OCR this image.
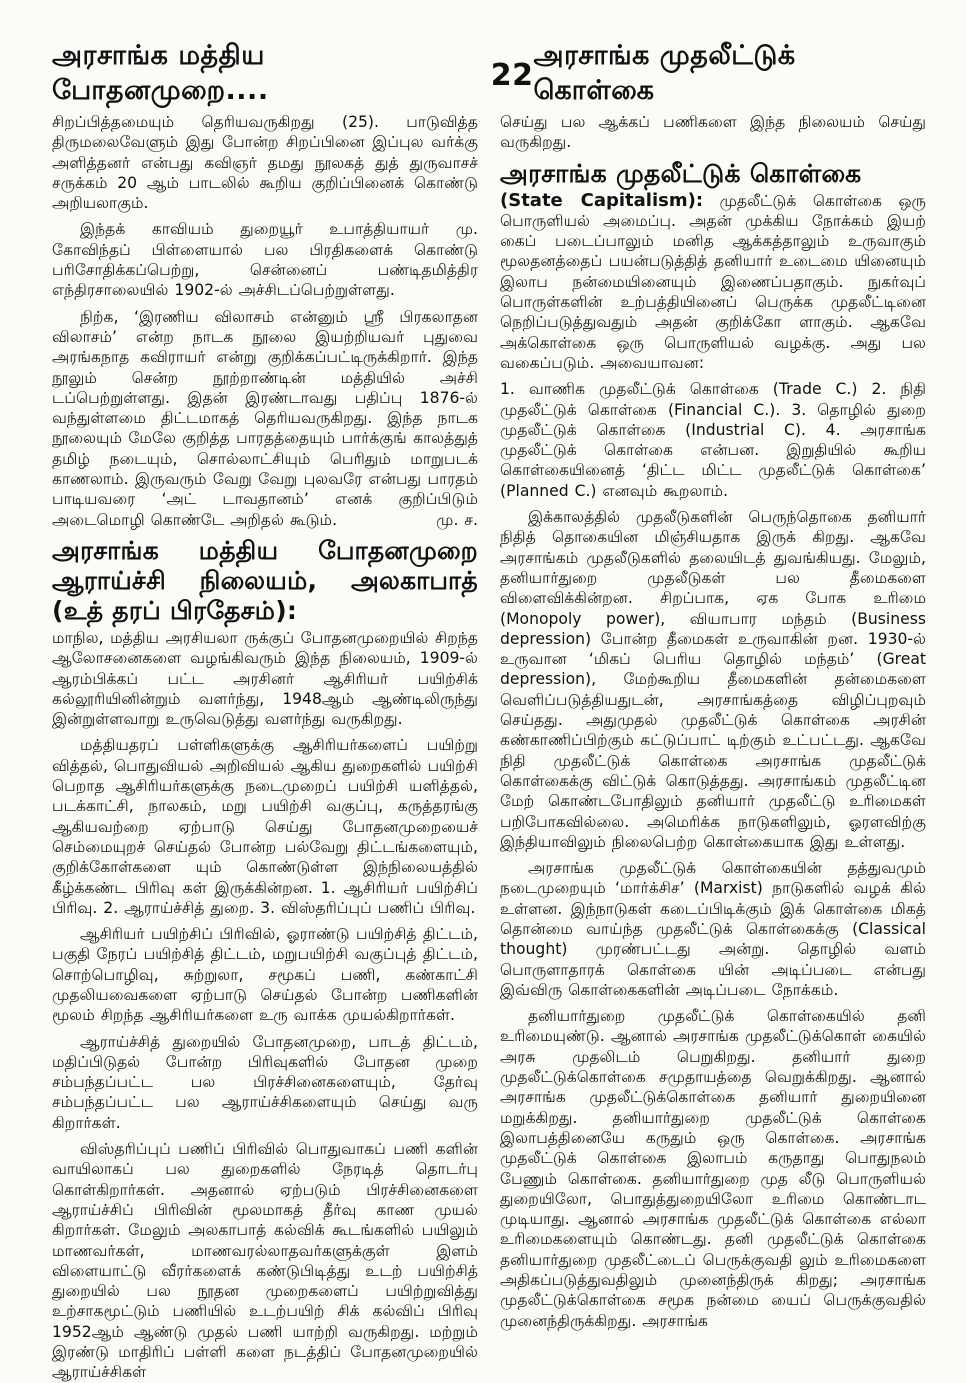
அரசாங்க மத்திய போதனமுறை....	22
அரசாங்க முதலீட்டுக் கொள்கை

சிறப்பித்தமையும் தெரியவருகிறது (25). பாடுவித்த திருமலைவேளும் இது போன்ற சிறப்பினை இப்புல வர்க்கு அளித்தனர் என்பது கவிஞர் தமது நூலகத் துத் துருவாசச் சருக்கம் 20 ஆம் பாடலில் கூறிய குறிப்பினைக் கொண்டு அறியலாகும்.

இந்தக் காவியம் துறையூர் உபாத்தியாயர் மு. கோவிந்தப் பிள்ளையால் பல பிரதிகளைக் கொண்டு பரிசோதிக்கப்பெற்று, சென்னைப் பண்டிதமித்திர எந்திரசாலையில் 1902-ல் அச்சிடப்பெற்றுள்ளது.

நிற்க, ‘இரணிய விலாசம் என்னும் ஸ்ரீ பிரகலாதன விலாசம்’ என்ற நாடக நூலை இயற்றியவர் புதுவை அரங்கநாத கவிராயர் என்று குறிக்கப்பட்டிருக்கிறார். இந்த நூலும் சென்ற நூற்றாண்டின் மத்தியில் அச்சி டப்பெற்றுள்ளது. இதன் இரண்டாவது பதிப்பு 1876-ல் வந்துள்ளமை திட்டமாகத் தெரியவருகிறது. இந்த நாடக நூலையும் மேலே குறித்த பாரதத்தையும் பார்க்குங் காலத்துத் தமிழ் நடையும், சொல்லாட்சியும் பெரிதும் மாறுபடக் காணலாம். இருவரும் வேறு வேறு புலவரே என்பது பாரதம் பாடியவரை ‘அட் டாவதானம்’ எனக் குறிப்பிடும் அடைமொழி கொண்டே அறிதல் கூடும்.	மு. ச.

அரசாங்க மத்திய போதனமுறை ஆராய்ச்சி நிலையம், அலகாபாத் (உத் தரப் பிரதேசம்):

மாநில, மத்திய அரசியலா ருக்குப் போதனமுறையில் சிறந்த ஆலோசனைகளை வழங்கிவரும் இந்த நிலையம், 1909-ல் ஆரம்பிக்கப் பட்ட அரசினர் ஆசிரியர் பயிற்சிக் கல்லூரியினின்றும் வளர்ந்து, 1948ஆம் ஆண்டிலிருந்து இன்றுள்ளவாறு உருவெடுத்து வளர்ந்து வருகிறது.

மத்தியதரப் பள்ளிகளுக்கு ஆசிரியர்களைப் பயிற்று வித்தல், பொதுவியல் அறிவியல் ஆகிய துறைகளில் பயிற்சி பெறாத ஆசிரியர்களுக்கு நடைமுறைப் பயிற்சி யளித்தல், படக்காட்சி, நாலகம், மறு பயிற்சி வகுப்பு, கருத்தரங்கு ஆகியவற்றை ஏற்பாடு செய்து போதனமுறையைச் செம்மையுறச் செய்தல் போன்ற பல்வேறு திட்டங்களையும், குறிக்கோள்களை யும் கொண்டுள்ள இந்நிலையத்தில் கீழ்க்கண்ட பிரிவு கள் இருக்கின்றன. 1. ஆசிரியர் பயிற்சிப் பிரிவு. 2. ஆராய்ச்சித் துறை. 3. விஸ்தரிப்புப் பணிப் பிரிவு.

ஆசிரியர் பயிற்சிப் பிரிவில், ஓராண்டு பயிற்சித் திட்டம், பகுதி நேரப் பயிற்சித் திட்டம், மறுபயிற்சி வகுப்புத் திட்டம், சொற்பொழிவு, சுற்றுலா, சமூகப் பணி, கண்காட்சி முதலியவைகளை ஏற்பாடு செய்தல் போன்ற பணிகளின் மூலம் சிறந்த ஆசிரியர்களை உரு வாக்க முயல்கிறார்கள்.

ஆராய்ச்சித் துறையில் போதனமுறை, பாடத் திட்டம், மதிப்பிடுதல் போன்ற பிரிவுகளில் போதன முறை சம்பந்தப்பட்ட பல பிரச்சினைகளையும், தேர்வு சம்பந்தப்பட்ட பல ஆராய்ச்சிகளையும் செய்து வரு கிறார்கள்.

விஸ்தரிப்புப் பணிப் பிரிவில் பொதுவாகப் பணி களின் வாயிலாகப் பல துறைகளில் நேரடித் தொடர்பு கொள்கிறார்கள். அதனால் ஏற்படும் பிரச்சினைகளை ஆராய்ச்சிப் பிரிவின் மூலமாகத் தீர்வு காண முயல் கிறார்கள். மேலும் அலகாபாத் கல்விக் கூடங்களில் பயிலும் மாணவர்கள், மாணவரல்லாதவர்களுக்குள் இளம் விளையாட்டு வீரர்களைக் கண்டுபிடித்து உடற் பயிற்சித் துறையில் பல நூதன முறைகளைப் பயிற்றுவித்து உற்சாகமூட்டும் பணியில் உடற்பயிற் சிக் கல்விப் பிரிவு 1952ஆம் ஆண்டு முதல் பணி யாற்றி வருகிறது. மற்றும் இரண்டு மாதிரிப் பள்ளி களை நடத்திப் போதனமுறையில் ஆராய்ச்சிகள்

செய்து பல ஆக்கப் பணிகளை இந்த நிலையம் செய்து வருகிறது.

அரசாங்க முதலீட்டுக் கொள்கை

(State Capitalism): முதலீட்டுக் கொள்கை ஒரு பொருளியல் அமைப்பு. அதன் முக்கிய நோக்கம் இயற் கைப் படைப்பாலும் மனித ஆக்கத்தாலும் உருவாகும் மூலதனத்தைப் பயன்படுத்தித் தனியார் உடைமை யினையும் இலாப நன்மையினையும் இணைப்பதாகும். நுகர்வுப் பொருள்களின் உற்பத்தியினைப் பெருக்க முதலீட்டினை நெறிப்படுத்துவதும் அதன் குறிக்கோ ளாகும். ஆகவே அக்கொள்கை ஒரு பொருளியல் வழக்கு. அது பல வகைப்படும். அவையாவன:

1. வாணிக முதலீட்டுக் கொள்கை (Trade C.) 2. நிதி முதலீட்டுக் கொள்கை (Financial C.). 3. தொழில் துறை முதலீட்டுக் கொள்கை (Industrial C). 4. அரசாங்க முதலீட்டுக் கொள்கை என்பன. இறுதியில் கூறிய கொள்கையினைத் ‘திட்ட மிட்ட முதலீட்டுக் கொள்கை’ (Planned C.) எனவும் கூறலாம்.

இக்காலத்தில் முதலீடுகளின் பெருந்தொகை தனியார் நிதித் தொகையின மிஞ்சியதாக இருக் கிறது. ஆகவே அரசாங்கம் முதலீடுகளில் தலையிடத் துவங்கியது. மேலும், தனியார்துறை முதலீடுகள் பல தீமைகளை விளைவிக்கின்றன. சிறப்பாக, ஏக போக உரிமை (Monopoly power), வியாபார மந்தம் (Business depression) போன்ற தீமைகள் உருவாகின் றன. 1930-ல் உருவான ‘மிகப் பெரிய தொழில் மந்தம்’ (Great depression), மேற்கூறிய தீமைகளின் தன்மைகளை வெளிப்படுத்தியதுடன், அரசாங்கத்தை விழிப்புறவும் செய்தது. அதுமுதல் முதலீட்டுக் கொள்கை அரசின் கண்காணிப்பிற்கும் கட்டுப்பாட் டிற்கும் உட்பட்டது. ஆகவே நிதி முதலீட்டுக் கொள்கை அரசாங்க முதலீட்டுக் கொள்கைக்கு விட்டுக் கொடுத்தது. அரசாங்கம் முதலீட்டின மேற் கொண்டபோதிலும் தனியார் முதலீட்டு உரிமைகள் பறிபோகவில்லை. அமெரிக்க நாடுகளிலும், ஓரளவிற்கு இந்தியாவிலும் நிலைபெற்ற கொள்கையாக இது உள்ளது.

அரசாங்க முதலீட்டுக் கொள்கையின் தத்துவமும் நடைமுறையும் ‘மார்க்சிச’ (Marxist) நாடுகளில் வழக் கில் உள்ளன. இந்நாடுகள் கடைப்பிடிக்கும் இக் கொள்கை மிகத் தொன்மை வாய்ந்த முதலீட்டுக் கொள்கைக்கு (Classical thought) முரண்பட்டது அன்று. தொழில் வளம் பொருளாதாரக் கொள்கை யின் அடிப்படை என்பது இவ்விரு கொள்கைகளின் அடிப்படை நோக்கம்.

தனியார்துறை முதலீட்டுக் கொள்கையில் தனி உரிமையுண்டு. ஆனால் அரசாங்க முதலீட்டுக்கொள் கையில் அரசு முதலிடம் பெறுகிறது. தனியார் துறை முதலீட்டுக்கொள்கை சமுதாயத்தை வெறுக்கிறது. ஆனால் அரசாங்க முதலீட்டுக்கொள்கை தனியார் துறையினை மறுக்கிறது. தனியார்துறை முதலீட்டுக் கொள்கை இலாபத்தினையே கருதும் ஒரு கொள்கை. அரசாங்க முதலீட்டுக் கொள்கை இலாபம் கருதாது பொதுநலம் பேணும் கொள்கை. தனியார்துறை முத லீடு பொருளியல் துறையிலோ, பொதுத்துறையிலோ உரிமை கொண்டாட முடியாது. ஆனால் அரசாங்க முதலீட்டுக் கொள்கை எல்லா உரிமைகளையும் கொண்டது. தனி முதலீட்டுக் கொள்கை தனியார்துறை முதலீட்டைப் பெருக்குவதி லும் உரிமைகளை அதிகப்படுத்துவதிலும் முனைந்திருக் கிறது; அரசாங்க முதலீட்டுக்கொள்கை சமூக நன்மை யைப் பெருக்குவதில் முனைந்திருக்கிறது. அரசாங்க
